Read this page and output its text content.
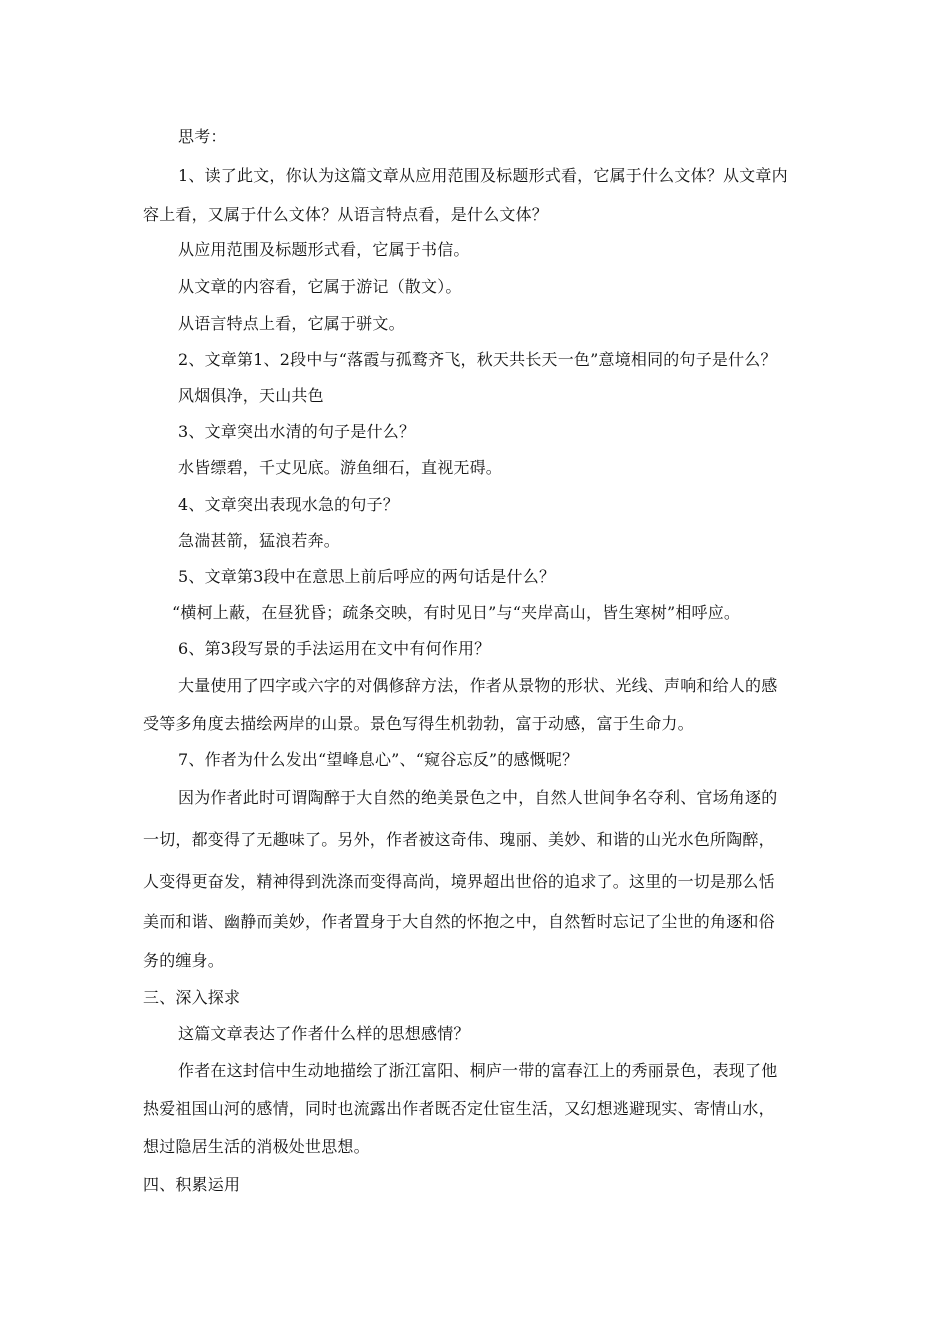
思考：
1、读了此文，你认为这篇文章从应用范围及标题形式看，它属于什么文体？从文章内
容上看，又属于什么文体？从语言特点看，是什么文体？
从应用范围及标题形式看，它属于书信。
从文章的内容看，它属于游记（散文）。
从语言特点上看，它属于骈文。
2、文章第1、2段中与“落霞与孤鹜齐飞，秋天共长天一色”意境相同的句子是什么？
风烟俱净，天山共色
3、文章突出水清的句子是什么？
水皆缥碧，千丈见底。游鱼细石，直视无碍。
4、文章突出表现水急的句子？
急湍甚箭，猛浪若奔。
5、文章第3段中在意思上前后呼应的两句话是什么？
“横柯上蔽，在昼犹昏；疏条交映，有时见日”与“夹岸高山，皆生寒树”相呼应。
6、第3段写景的手法运用在文中有何作用？
大量使用了四字或六字的对偶修辞方法，作者从景物的形状、光线、声响和给人的感
受等多角度去描绘两岸的山景。景色写得生机勃勃，富于动感，富于生命力。
7、作者为什么发出“望峰息心”、“窥谷忘反”的感慨呢？
因为作者此时可谓陶醉于大自然的绝美景色之中，自然人世间争名夺利、官场角逐的
一切，都变得了无趣味了。另外，作者被这奇伟、瑰丽、美妙、和谐的山光水色所陶醉，
人变得更奋发，精神得到洗涤而变得高尚，境界超出世俗的追求了。这里的一切是那么恬
美而和谐、幽静而美妙，作者置身于大自然的怀抱之中，自然暂时忘记了尘世的角逐和俗
务的缠身。
三、深入探求
这篇文章表达了作者什么样的思想感情？
作者在这封信中生动地描绘了浙江富阳、桐庐一带的富春江上的秀丽景色，表现了他
热爱祖国山河的感情，同时也流露出作者既否定仕宦生活，又幻想逃避现实、寄情山水，
想过隐居生活的消极处世思想。
四、积累运用
